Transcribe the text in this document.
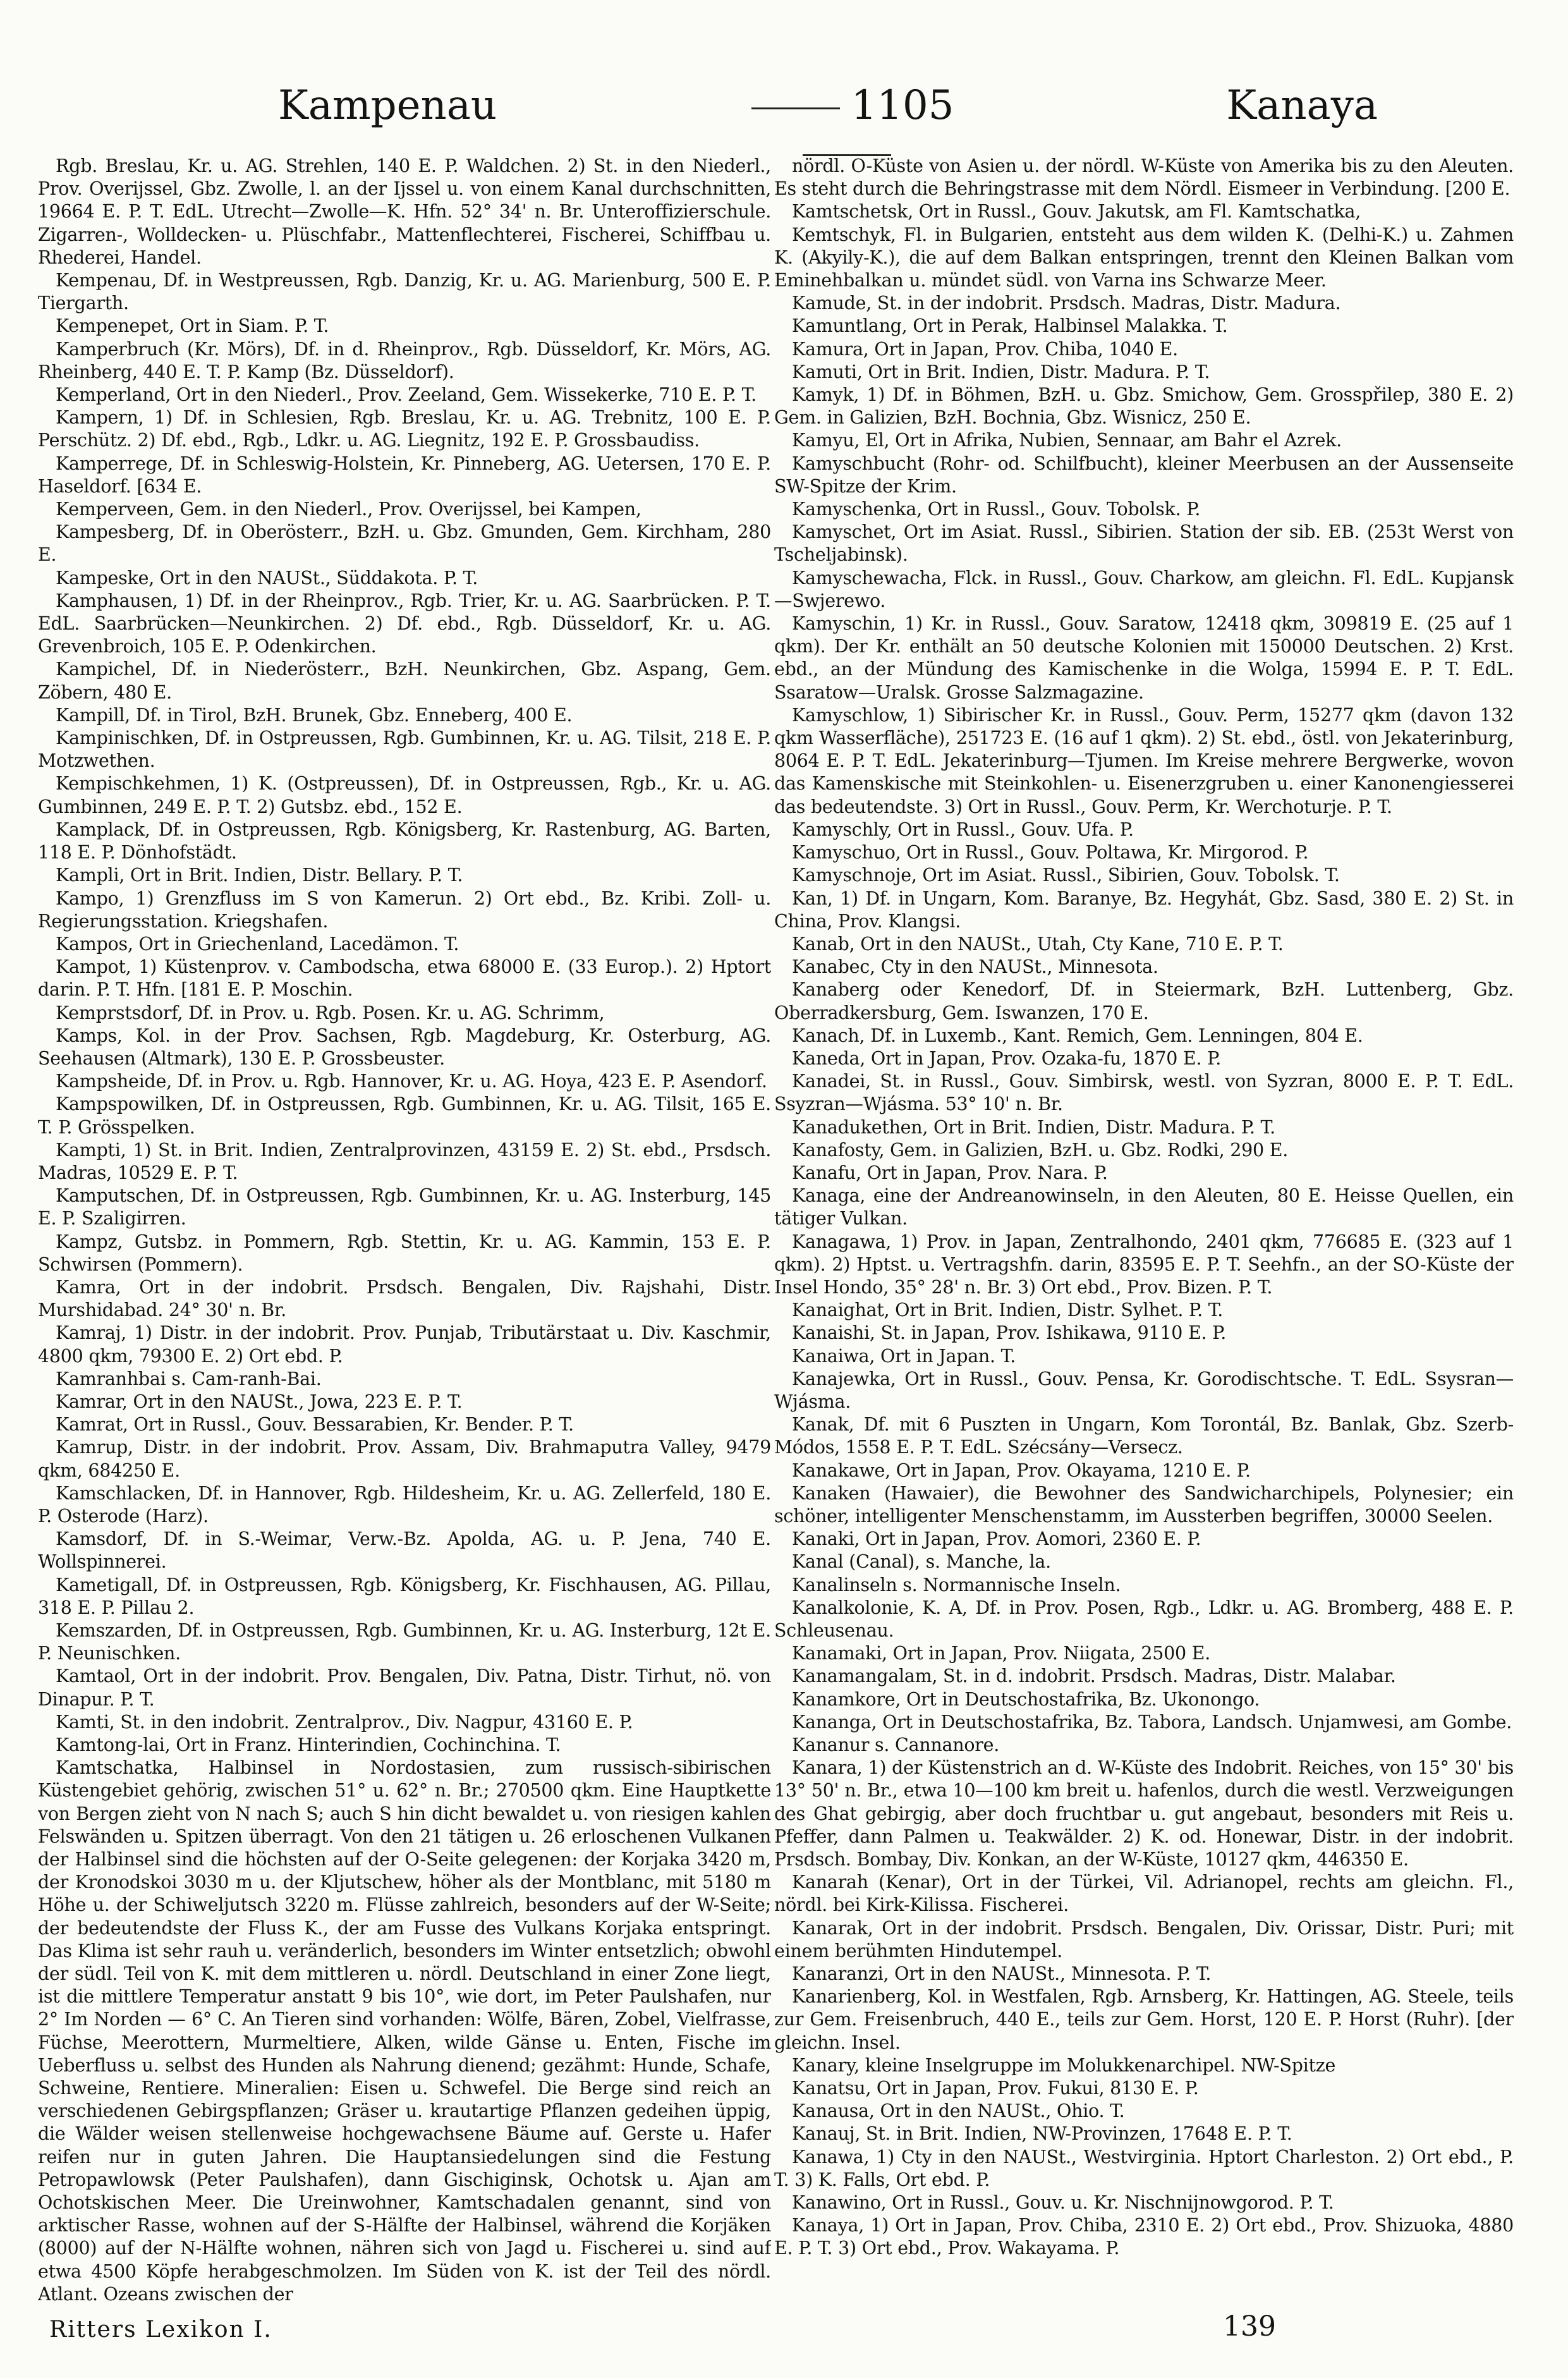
Kampenau	1105	Kanaya

Rgb. Breslau, Kr. u. AG. Strehlen, 140 E. P. Waldchen. 2) St. in den Niederl., Prov. Overijssel, Gbz. Zwolle, l. an der Ijssel u. von einem Kanal durchschnitten, 19664 E. P. T. EdL. Utrecht—Zwolle—K. Hfn. 52° 34' n. Br. Unteroffizierschule. Zigarren-, Wolldecken- u. Plüschfabr., Mattenflechterei, Fischerei, Schiffbau u. Rhederei, Handel.

Kempenau, Df. in Westpreussen, Rgb. Danzig, Kr. u. AG. Marienburg, 500 E. P. Tiergarth.

Kempenepet, Ort in Siam. P. T.

Kamperbruch (Kr. Mörs), Df. in d. Rheinprov., Rgb. Düsseldorf, Kr. Mörs, AG. Rheinberg, 440 E. T. P. Kamp (Bz. Düsseldorf).

Kemperland, Ort in den Niederl., Prov. Zeeland, Gem. Wissekerke, 710 E. P. T.

Kampern, 1) Df. in Schlesien, Rgb. Breslau, Kr. u. AG. Trebnitz, 100 E. P. Perschütz. 2) Df. ebd., Rgb., Ldkr. u. AG. Liegnitz, 192 E. P. Grossbaudiss.

Kamperrege, Df. in Schleswig-Holstein, Kr. Pinneberg, AG. Uetersen, 170 E. P. Haseldorf. [634 E.

Kemperveen, Gem. in den Niederl., Prov. Overijssel, bei Kampen,

Kampesberg, Df. in Oberösterr., BzH. u. Gbz. Gmunden, Gem. Kirchham, 280 E.

Kampeske, Ort in den NAUSt., Süddakota. P. T.

Kamphausen, 1) Df. in der Rheinprov., Rgb. Trier, Kr. u. AG. Saarbrücken. P. T. EdL. Saarbrücken—Neunkirchen. 2) Df. ebd., Rgb. Düsseldorf, Kr. u. AG. Grevenbroich, 105 E. P. Odenkirchen.

Kampichel, Df. in Niederösterr., BzH. Neunkirchen, Gbz. Aspang, Gem. Zöbern, 480 E.

Kampill, Df. in Tirol, BzH. Brunek, Gbz. Enneberg, 400 E.

Kampinischken, Df. in Ostpreussen, Rgb. Gumbinnen, Kr. u. AG. Tilsit, 218 E. P. Motzwethen.

Kempischkehmen, 1) K. (Ostpreussen), Df. in Ostpreussen, Rgb., Kr. u. AG. Gumbinnen, 249 E. P. T. 2) Gutsbz. ebd., 152 E.

Kamplack, Df. in Ostpreussen, Rgb. Königsberg, Kr. Rastenburg, AG. Barten, 118 E. P. Dönhofstädt.

Kampli, Ort in Brit. Indien, Distr. Bellary. P. T.

Kampo, 1) Grenzfluss im S von Kamerun. 2) Ort ebd., Bz. Kribi. Zoll- u. Regierungsstation. Kriegshafen.

Kampos, Ort in Griechenland, Lacedämon. T.

Kampot, 1) Küstenprov. v. Cambodscha, etwa 68000 E. (33 Europ.). 2) Hptort darin. P. T. Hfn. [181 E. P. Moschin.

Kemprstsdorf, Df. in Prov. u. Rgb. Posen. Kr. u. AG. Schrimm,

Kamps, Kol. in der Prov. Sachsen, Rgb. Magdeburg, Kr. Osterburg, AG. Seehausen (Altmark), 130 E. P. Grossbeuster.

Kampsheide, Df. in Prov. u. Rgb. Hannover, Kr. u. AG. Hoya, 423 E. P. Asendorf.

Kampspowilken, Df. in Ostpreussen, Rgb. Gumbinnen, Kr. u. AG. Tilsit, 165 E. T. P. Grösspelken.

Kampti, 1) St. in Brit. Indien, Zentralprovinzen, 43159 E. 2) St. ebd., Prsdsch. Madras, 10529 E. P. T.

Kamputschen, Df. in Ostpreussen, Rgb. Gumbinnen, Kr. u. AG. Insterburg, 145 E. P. Szaligirren.

Kampz, Gutsbz. in Pommern, Rgb. Stettin, Kr. u. AG. Kammin, 153 E. P. Schwirsen (Pommern).

Kamra, Ort in der indobrit. Prsdsch. Bengalen, Div. Rajshahi, Distr. Murshidabad. 24° 30' n. Br.

Kamraj, 1) Distr. in der indobrit. Prov. Punjab, Tributärstaat u. Div. Kaschmir, 4800 qkm, 79300 E. 2) Ort ebd. P.

Kamranhbai s. Cam-ranh-Bai.

Kamrar, Ort in den NAUSt., Jowa, 223 E. P. T.

Kamrat, Ort in Russl., Gouv. Bessarabien, Kr. Bender. P. T.

Kamrup, Distr. in der indobrit. Prov. Assam, Div. Brahmaputra Valley, 9479 qkm, 684250 E.

Kamschlacken, Df. in Hannover, Rgb. Hildesheim, Kr. u. AG. Zellerfeld, 180 E. P. Osterode (Harz).

Kamsdorf, Df. in S.-Weimar, Verw.-Bz. Apolda, AG. u. P. Jena, 740 E. Wollspinnerei.

Kametigall, Df. in Ostpreussen, Rgb. Königsberg, Kr. Fischhausen, AG. Pillau, 318 E. P. Pillau 2.

Kemszarden, Df. in Ostpreussen, Rgb. Gumbinnen, Kr. u. AG. Insterburg, 12t E. P. Neunischken.

Kamtaol, Ort in der indobrit. Prov. Bengalen, Div. Patna, Distr. Tirhut, nö. von Dinapur. P. T.

Kamti, St. in den indobrit. Zentralprov., Div. Nagpur, 43160 E. P.

Kamtong-lai, Ort in Franz. Hinterindien, Cochinchina. T.

Kamtschatka, Halbinsel in Nordostasien, zum russisch-sibirischen Küstengebiet gehörig, zwischen 51° u. 62° n. Br.; 270500 qkm. Eine Hauptkette von Bergen zieht von N nach S; auch S hin dicht bewaldet u. von riesigen kahlen Felswänden u. Spitzen überragt. Von den 21 tätigen u. 26 erloschenen Vulkanen der Halbinsel sind die höchsten auf der O-Seite gelegenen: der Korjaka 3420 m, der Kronodskoi 3030 m u. der Kljutschew, höher als der Montblanc, mit 5180 m Höhe u. der Schiweljutsch 3220 m. Flüsse zahlreich, besonders auf der W-Seite; der bedeutendste der Fluss K., der am Fusse des Vulkans Korjaka entspringt. Das Klima ist sehr rauh u. veränderlich, besonders im Winter entsetzlich; obwohl der südl. Teil von K. mit dem mittleren u. nördl. Deutschland in einer Zone liegt, ist die mittlere Temperatur anstatt 9 bis 10°, wie dort, im Peter Paulshafen, nur 2° Im Norden — 6° C. An Tieren sind vorhanden: Wölfe, Bären, Zobel, Vielfrasse, Füchse, Meerottern, Murmeltiere, Alken, wilde Gänse u. Enten, Fische im Ueberfluss u. selbst des Hunden als Nahrung dienend; gezähmt: Hunde, Schafe, Schweine, Rentiere. Mineralien: Eisen u. Schwefel. Die Berge sind reich an verschiedenen Gebirgspflanzen; Gräser u. krautartige Pflanzen gedeihen üppig, die Wälder weisen stellenweise hochgewachsene Bäume auf. Gerste u. Hafer reifen nur in guten Jahren. Die Hauptansiedelungen sind die Festung Petropawlowsk (Peter Paulshafen), dann Gischiginsk, Ochotsk u. Ajan am Ochotskischen Meer. Die Ureinwohner, Kamtschadalen genannt, sind von arktischer Rasse, wohnen auf der S-Hälfte der Halbinsel, während die Korjäken (8000) auf der N-Hälfte wohnen, nähren sich von Jagd u. Fischerei u. sind auf etwa 4500 Köpfe herabgeschmolzen. Im Süden von K. ist der Teil des nördl. Atlant. Ozeans zwischen der

nördl. O-Küste von Asien u. der nördl. W-Küste von Amerika bis zu den Aleuten. Es steht durch die Behringstrasse mit dem Nördl. Eismeer in Verbindung. [200 E.

Kamtschetsk, Ort in Russl., Gouv. Jakutsk, am Fl. Kamtschatka,

Kemtschyk, Fl. in Bulgarien, entsteht aus dem wilden K. (Delhi-K.) u. Zahmen K. (Akyily-K.), die auf dem Balkan entspringen, trennt den Kleinen Balkan vom Eminehbalkan u. mündet südl. von Varna ins Schwarze Meer.

Kamude, St. in der indobrit. Prsdsch. Madras, Distr. Madura.

Kamuntlang, Ort in Perak, Halbinsel Malakka. T.

Kamura, Ort in Japan, Prov. Chiba, 1040 E.

Kamuti, Ort in Brit. Indien, Distr. Madura. P. T.

Kamyk, 1) Df. in Böhmen, BzH. u. Gbz. Smichow, Gem. Grosspřilep, 380 E. 2) Gem. in Galizien, BzH. Bochnia, Gbz. Wisnicz, 250 E.

Kamyu, El, Ort in Afrika, Nubien, Sennaar, am Bahr el Azrek.

Kamyschbucht (Rohr- od. Schilfbucht), kleiner Meerbusen an der Aussenseite SW-Spitze der Krim.

Kamyschenka, Ort in Russl., Gouv. Tobolsk. P.

Kamyschet, Ort im Asiat. Russl., Sibirien. Station der sib. EB. (253t Werst von Tscheljabinsk).

Kamyschewacha, Flck. in Russl., Gouv. Charkow, am gleichn. Fl. EdL. Kupjansk—Swjerewo.

Kamyschin, 1) Kr. in Russl., Gouv. Saratow, 12418 qkm, 309819 E. (25 auf 1 qkm). Der Kr. enthält an 50 deutsche Kolonien mit 150000 Deutschen. 2) Krst. ebd., an der Mündung des Kamischenke in die Wolga, 15994 E. P. T. EdL. Ssaratow—Uralsk. Grosse Salzmagazine.

Kamyschlow, 1) Sibirischer Kr. in Russl., Gouv. Perm, 15277 qkm (davon 132 qkm Wasserfläche), 251723 E. (16 auf 1 qkm). 2) St. ebd., östl. von Jekaterinburg, 8064 E. P. T. EdL. Jekaterinburg—Tjumen. Im Kreise mehrere Bergwerke, wovon das Kamenskische mit Steinkohlen- u. Eisenerzgruben u. einer Kanonengiesserei das bedeutendste. 3) Ort in Russl., Gouv. Perm, Kr. Werchoturje. P. T.

Kamyschly, Ort in Russl., Gouv. Ufa. P.

Kamyschuo, Ort in Russl., Gouv. Poltawa, Kr. Mirgorod. P.

Kamyschnoje, Ort im Asiat. Russl., Sibirien, Gouv. Tobolsk. T.

Kan, 1) Df. in Ungarn, Kom. Baranye, Bz. Hegyhát, Gbz. Sasd, 380 E. 2) St. in China, Prov. Klangsi.

Kanab, Ort in den NAUSt., Utah, Cty Kane, 710 E. P. T.

Kanabec, Cty in den NAUSt., Minnesota.

Kanaberg oder Kenedorf, Df. in Steiermark, BzH. Luttenberg, Gbz. Oberradkersburg, Gem. Iswanzen, 170 E.

Kanach, Df. in Luxemb., Kant. Remich, Gem. Lenningen, 804 E.

Kaneda, Ort in Japan, Prov. Ozaka-fu, 1870 E. P.

Kanadei, St. in Russl., Gouv. Simbirsk, westl. von Syzran, 8000 E. P. T. EdL. Ssyzran—Wjásma. 53° 10' n. Br.

Kanadukethen, Ort in Brit. Indien, Distr. Madura. P. T.

Kanafosty, Gem. in Galizien, BzH. u. Gbz. Rodki, 290 E.

Kanafu, Ort in Japan, Prov. Nara. P.

Kanaga, eine der Andreanowinseln, in den Aleuten, 80 E. Heisse Quellen, ein tätiger Vulkan.

Kanagawa, 1) Prov. in Japan, Zentralhondo, 2401 qkm, 776685 E. (323 auf 1 qkm). 2) Hptst. u. Vertragshfn. darin, 83595 E. P. T. Seehfn., an der SO-Küste der Insel Hondo, 35° 28' n. Br. 3) Ort ebd., Prov. Bizen. P. T.

Kanaighat, Ort in Brit. Indien, Distr. Sylhet. P. T.

Kanaishi, St. in Japan, Prov. Ishikawa, 9110 E. P.

Kanaiwa, Ort in Japan. T.

Kanajewka, Ort in Russl., Gouv. Pensa, Kr. Gorodischtsche. T. EdL. Ssysran—Wjásma.

Kanak, Df. mit 6 Puszten in Ungarn, Kom Torontál, Bz. Banlak, Gbz. Szerb-Módos, 1558 E. P. T. EdL. Szécsány—Versecz.

Kanakawe, Ort in Japan, Prov. Okayama, 1210 E. P.

Kanaken (Hawaier), die Bewohner des Sandwicharchipels, Polynesier; ein schöner, intelligenter Menschenstamm, im Aussterben begriffen, 30000 Seelen.

Kanaki, Ort in Japan, Prov. Aomori, 2360 E. P.

Kanal (Canal), s. Manche, la.

Kanalinseln s. Normannische Inseln.

Kanalkolonie, K. A, Df. in Prov. Posen, Rgb., Ldkr. u. AG. Bromberg, 488 E. P. Schleusenau.

Kanamaki, Ort in Japan, Prov. Niigata, 2500 E.

Kanamangalam, St. in d. indobrit. Prsdsch. Madras, Distr. Malabar.

Kanamkore, Ort in Deutschostafrika, Bz. Ukonongo.

Kananga, Ort in Deutschostafrika, Bz. Tabora, Landsch. Unjamwesi, am Gombe.

Kananur s. Cannanore.

Kanara, 1) der Küstenstrich an d. W-Küste des Indobrit. Reiches, von 15° 30' bis 13° 50' n. Br., etwa 10—100 km breit u. hafenlos, durch die westl. Verzweigungen des Ghat gebirgig, aber doch fruchtbar u. gut angebaut, besonders mit Reis u. Pfeffer, dann Palmen u. Teakwälder. 2) K. od. Honewar, Distr. in der indobrit. Prsdsch. Bombay, Div. Konkan, an der W-Küste, 10127 qkm, 446350 E.

Kanarah (Kenar), Ort in der Türkei, Vil. Adrianopel, rechts am gleichn. Fl., nördl. bei Kirk-Kilissa. Fischerei.

Kanarak, Ort in der indobrit. Prsdsch. Bengalen, Div. Orissar, Distr. Puri; mit einem berühmten Hindutempel.

Kanaranzi, Ort in den NAUSt., Minnesota. P. T.

Kanarienberg, Kol. in Westfalen, Rgb. Arnsberg, Kr. Hattingen, AG. Steele, teils zur Gem. Freisenbruch, 440 E., teils zur Gem. Horst, 120 E. P. Horst (Ruhr). [der gleichn. Insel.

Kanary, kleine Inselgruppe im Molukkenarchipel. NW-Spitze

Kanatsu, Ort in Japan, Prov. Fukui, 8130 E. P.

Kanausa, Ort in den NAUSt., Ohio. T.

Kanauj, St. in Brit. Indien, NW-Provinzen, 17648 E. P. T.

Kanawa, 1) Cty in den NAUSt., Westvirginia. Hptort Charleston. 2) Ort ebd., P. T. 3) K. Falls, Ort ebd. P.

Kanawino, Ort in Russl., Gouv. u. Kr. Nischnijnowgorod. P. T.

Kanaya, 1) Ort in Japan, Prov. Chiba, 2310 E. 2) Ort ebd., Prov. Shizuoka, 4880 E. P. T. 3) Ort ebd., Prov. Wakayama. P.

Ritters Lexikon I.	139
